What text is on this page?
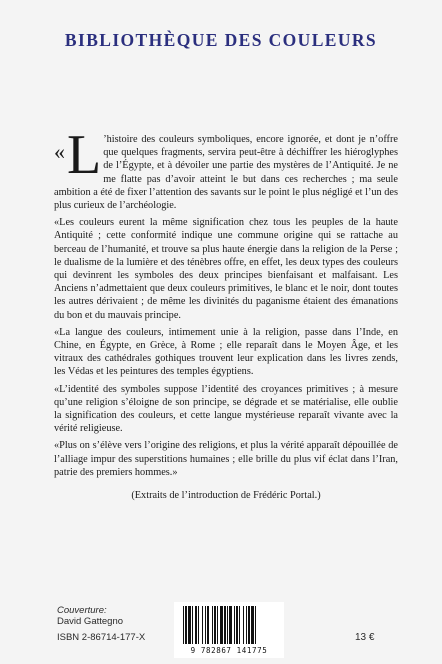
BIBLIOTHÈQUE DES COULEURS

« L ’histoire des couleurs symboliques, encore ignorée, et dont je n’offre que quelques fragments, servira peut-être à déchiffrer les hiéroglyphes de l’Égypte, et à dévoiler une partie des mystères de l’Antiquité. Je ne me flatte pas d’avoir atteint le but dans ces recherches ; ma seule ambition a été de fixer l’attention des savants sur le point le plus négligé et l’un des plus curieux de l’archéologie.

«Les couleurs eurent la même signification chez tous les peuples de la haute Antiquité ; cette conformité indique une commune origine qui se rattache au berceau de l’humanité, et trouve sa plus haute énergie dans la religion de la Perse ; le dualisme de la lumière et des ténèbres offre, en effet, les deux types des couleurs qui devinrent les symboles des deux principes bienfaisant et malfaisant. Les Anciens n’admettaient que deux couleurs primitives, le blanc et le noir, dont toutes les autres dérivaient ; de même les divinités du paganisme étaient des émanations du bon et du mauvais principe.

«La langue des couleurs, intimement unie à la religion, passe dans l’Inde, en Chine, en Égypte, en Grèce, à Rome ; elle reparaît dans le Moyen Âge, et les vitraux des cathédrales gothiques trouvent leur explication dans les livres zends, les Védas et les peintures des temples égyptiens.

«L’identité des symboles suppose l’identité des croyances primitives ; à mesure qu’une religion s’éloigne de son principe, se dégrade et se matérialise, elle oublie la signification des couleurs, et cette langue mystérieuse reparaît vivante avec la vérité religieuse.

«Plus on s’élève vers l’origine des religions, et plus la vérité apparaît dépouillée de l’alliage impur des superstitions humaines ; elle brille du plus vif éclat dans l’Iran, patrie des premiers hommes.»

(Extraits de l’introduction de Frédéric Portal.)

Couverture:
David Gattegno
ISBN 2-86714-177-X
9 782867 141775
13 €
